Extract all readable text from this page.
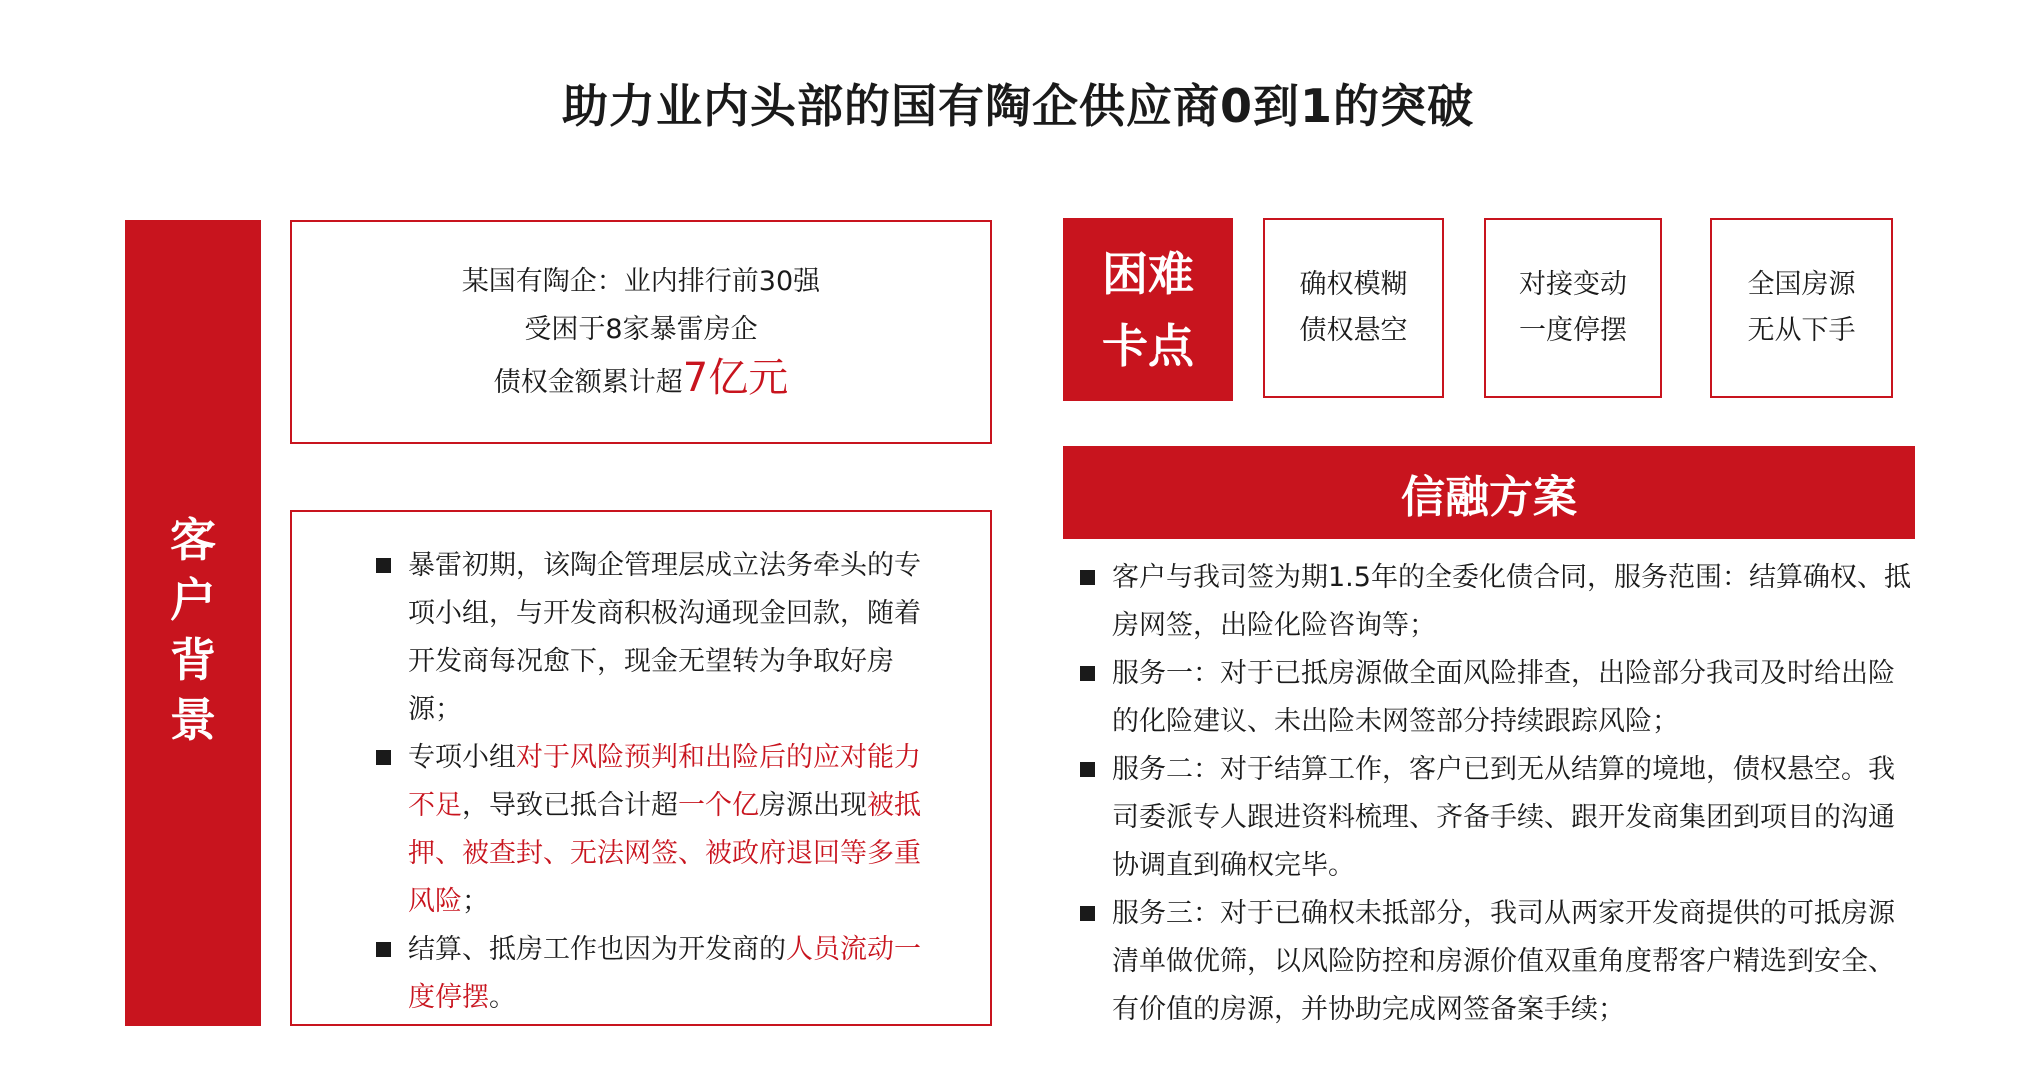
助力业内头部的国有陶企供应商0到1的突破
客
户
背
景
某国有陶企：业内排行前30强
受困于8家暴雷房企
债权金额累计超7亿元
暴雷初期，该陶企管理层成立法务牵头的专项小组，与开发商积极沟通现金回款，随着开发商每况愈下，现金无望转为争取好房源；
专项小组对于风险预判和出险后的应对能力不足，导致已抵合计超一个亿房源出现被抵押、被查封、无法网签、被政府退回等多重风险；
结算、抵房工作也因为开发商的人员流动一度停摆。
困难
卡点
确权模糊
债权悬空
对接变动
一度停摆
全国房源
无从下手
信融方案
客户与我司签为期1.5年的全委化债合同，服务范围：结算确权、抵房网签，出险化险咨询等；
服务一：对于已抵房源做全面风险排查，出险部分我司及时给出险的化险建议、未出险未网签部分持续跟踪风险；
服务二：对于结算工作，客户已到无从结算的境地，债权悬空。我司委派专人跟进资料梳理、齐备手续、跟开发商集团到项目的沟通协调直到确权完毕。
服务三：对于已确权未抵部分，我司从两家开发商提供的可抵房源清单做优筛，以风险防控和房源价值双重角度帮客户精选到安全、有价值的房源，并协助完成网签备案手续；
